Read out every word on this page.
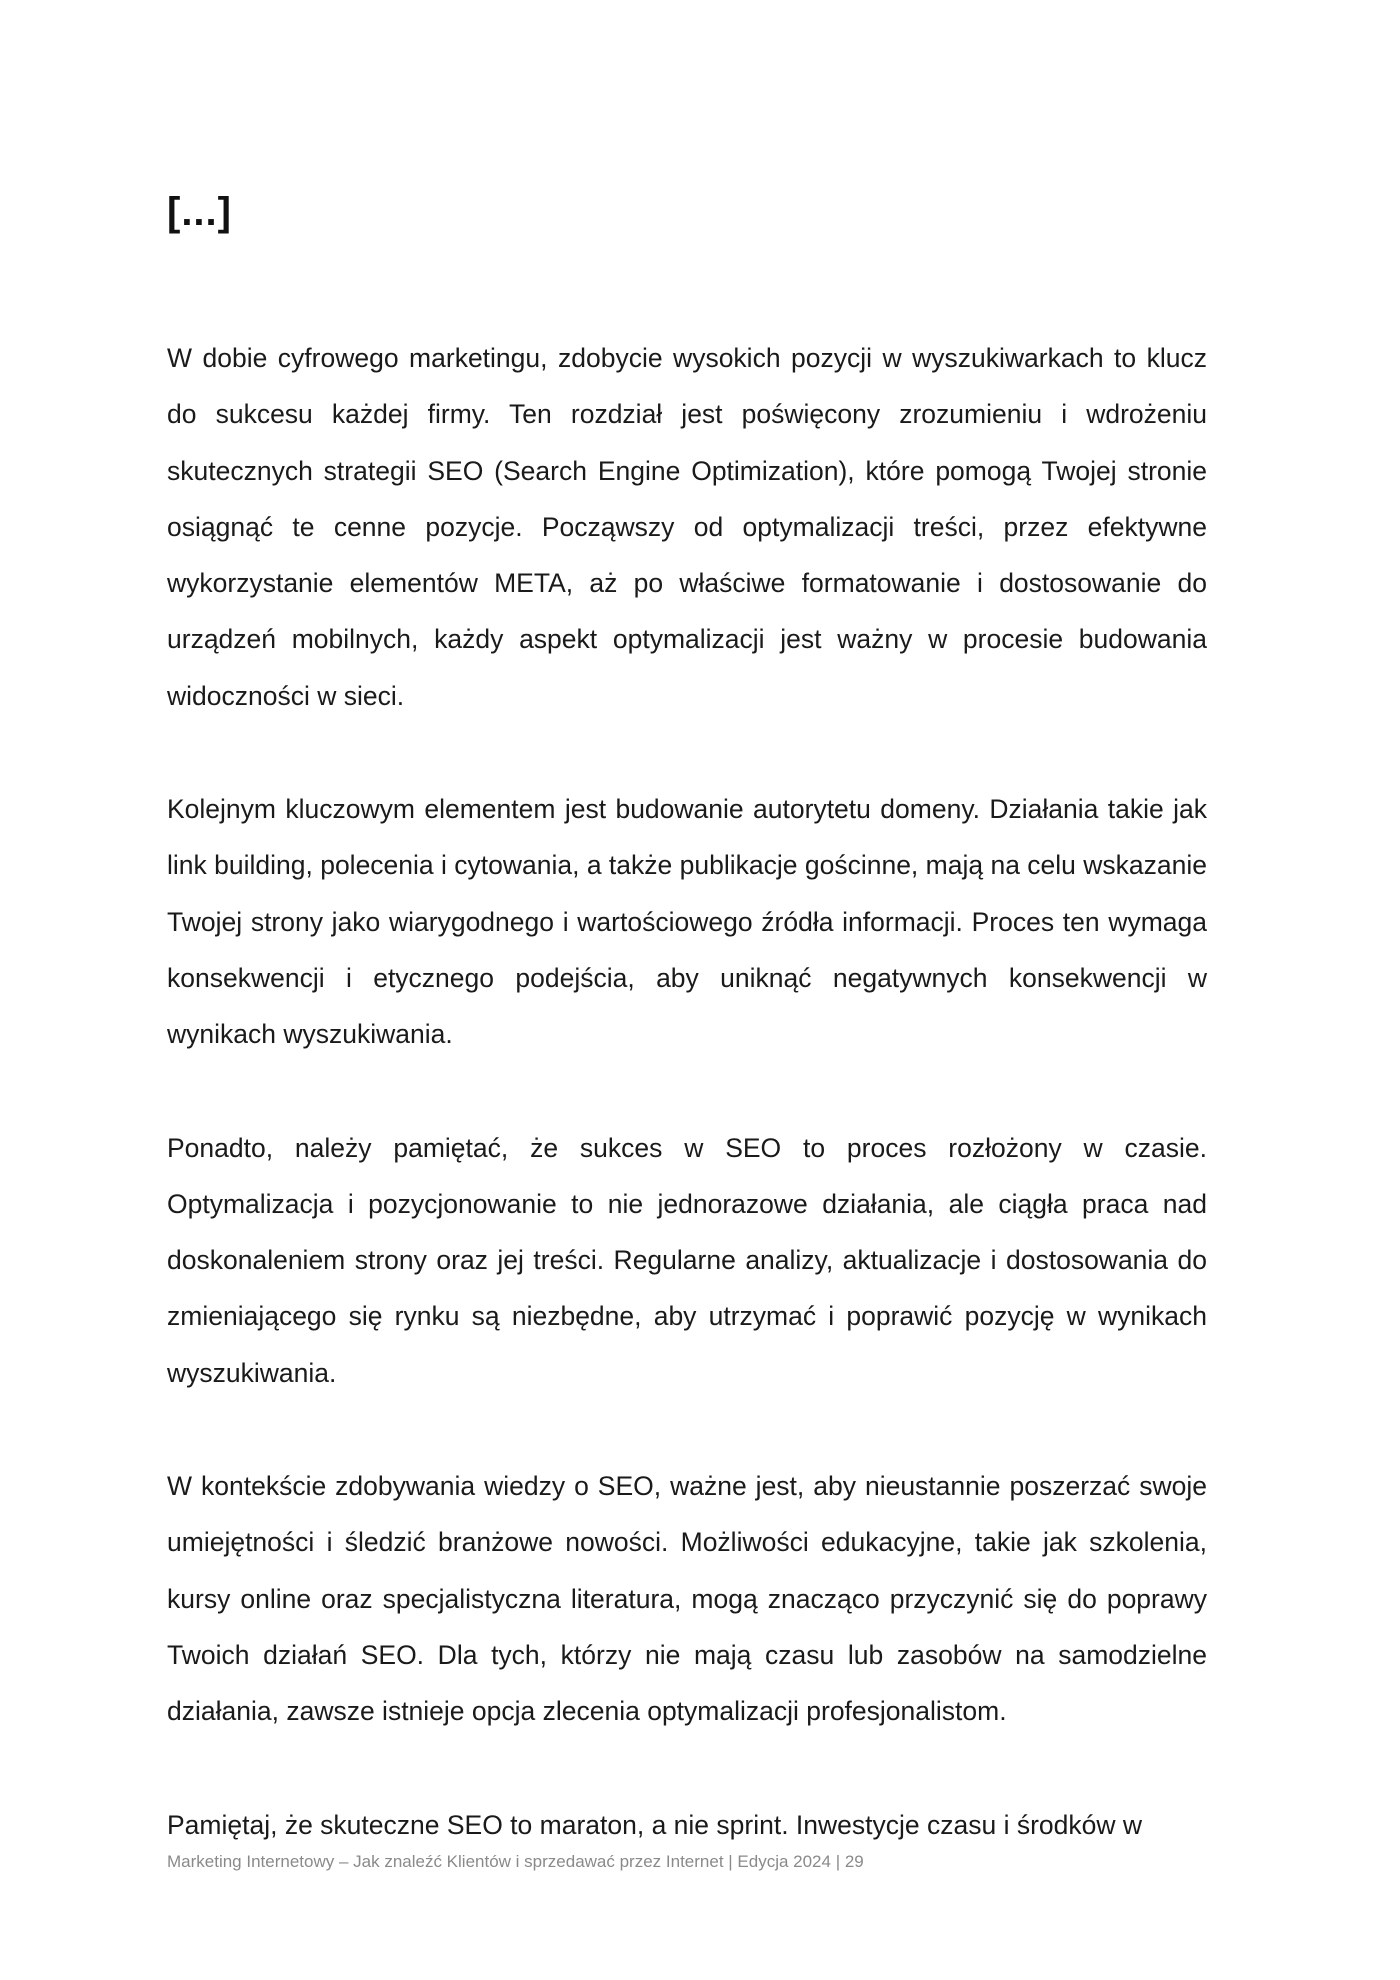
[...]

W dobie cyfrowego marketingu, zdobycie wysokich pozycji w wyszukiwarkach to klucz do sukcesu każdej firmy. Ten rozdział jest poświęcony zrozumieniu i wdrożeniu skutecznych strategii SEO (Search Engine Optimization), które pomogą Twojej stronie osiągnąć te cenne pozycje. Począwszy od optymalizacji treści, przez efektywne wykorzystanie elementów META, aż po właściwe formatowanie i dostosowanie do urządzeń mobilnych, każdy aspekt optymalizacji jest ważny w procesie budowania widoczności w sieci.

Kolejnym kluczowym elementem jest budowanie autorytetu domeny. Działania takie jak link building, polecenia i cytowania, a także publikacje gościnne, mają na celu wskazanie Twojej strony jako wiarygodnego i wartościowego źródła informacji. Proces ten wymaga konsekwencji i etycznego podejścia, aby uniknąć negatywnych konsekwencji w wynikach wyszukiwania.

Ponadto, należy pamiętać, że sukces w SEO to proces rozłożony w czasie. Optymalizacja i pozycjonowanie to nie jednorazowe działania, ale ciągła praca nad doskonaleniem strony oraz jej treści. Regularne analizy, aktualizacje i dostosowania do zmieniającego się rynku są niezbędne, aby utrzymać i poprawić pozycję w wynikach wyszukiwania.

W kontekście zdobywania wiedzy o SEO, ważne jest, aby nieustannie poszerzać swoje umiejętności i śledzić branżowe nowości. Możliwości edukacyjne, takie jak szkolenia, kursy online oraz specjalistyczna literatura, mogą znacząco przyczynić się do poprawy Twoich działań SEO. Dla tych, którzy nie mają czasu lub zasobów na samodzielne działania, zawsze istnieje opcja zlecenia optymalizacji profesjonalistom.

Pamiętaj, że skuteczne SEO to maraton, a nie sprint. Inwestycje czasu i środków w

Marketing Internetowy – Jak znaleźć Klientów i sprzedawać przez Internet | Edycja 2024 | 29
